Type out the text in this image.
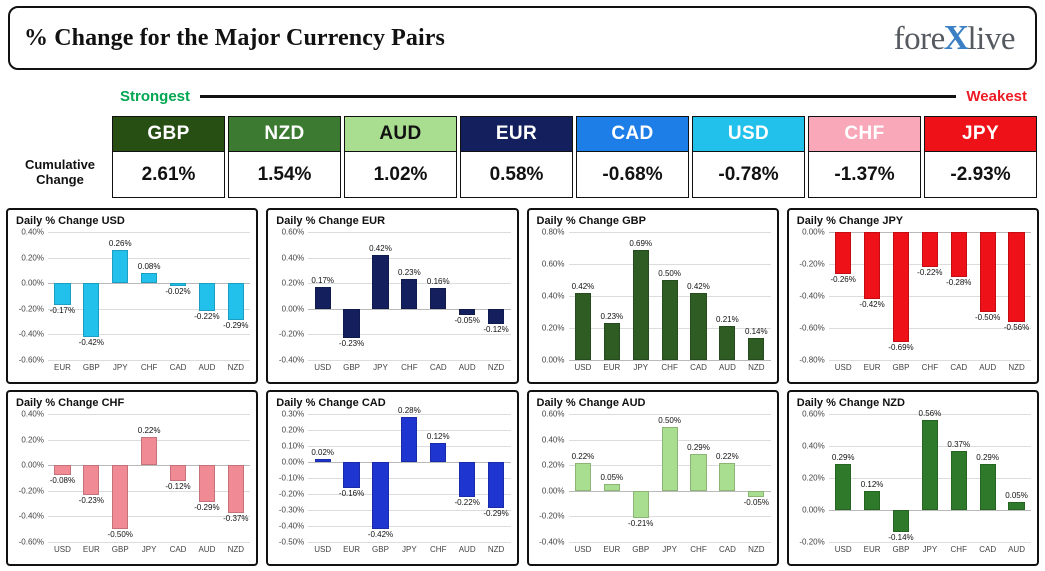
% Change for the Major Currency Pairs	fore X live
Strongest	Weakest
Cumulative Change
GBP
2.61%
NZD
1.54%
AUD
1.02%
EUR
0.58%
CAD
-0.68%
USD
-0.78%
CHF
-1.37%
JPY
-2.93%
Daily % Change USD
0.40%
0.20%
0.00%
-0.20%
-0.40%
-0.60%
-0.17%
-0.42%
0.26%
0.08%
-0.02%
-0.22%
-0.29%
EUR	GBP	JPY	CHF	CAD	AUD	NZD
Daily % Change EUR
0.60%
0.40%
0.20%
0.00%
-0.20%
-0.40%
0.17%
-0.23%
0.42%
0.23%
0.16%
-0.05%
-0.12%
USD	GBP	JPY	CHF	CAD	AUD	NZD
Daily % Change GBP
0.80%
0.60%
0.40%
0.20%
0.00%
0.42%
0.23%
0.69%
0.50%
0.42%
0.21%
0.14%
USD	EUR	JPY	CHF	CAD	AUD	NZD
Daily % Change JPY
0.00%
-0.20%
-0.40%
-0.60%
-0.80%
-0.26%
-0.42%
-0.69%
-0.22%
-0.28%
-0.50%
-0.56%
USD	EUR	GBP	CHF	CAD	AUD	NZD
Daily % Change CHF
0.40%
0.20%
0.00%
-0.20%
-0.40%
-0.60%
-0.08%
-0.23%
-0.50%
0.22%
-0.12%
-0.29%
-0.37%
USD	EUR	GBP	JPY	CAD	AUD	NZD
Daily % Change CAD
0.30%
0.20%
0.10%
0.00%
-0.10%
-0.20%
-0.30%
-0.40%
-0.50%
0.02%
-0.16%
-0.42%
0.28%
0.12%
-0.22%
-0.29%
USD	EUR	GBP	JPY	CHF	AUD	NZD
Daily % Change AUD
0.60%
0.40%
0.20%
0.00%
-0.20%
-0.40%
0.22%
0.05%
-0.21%
0.50%
0.29%
0.22%
-0.05%
USD	EUR	GBP	JPY	CHF	CAD	NZD
Daily % Change NZD
0.60%
0.40%
0.20%
0.00%
-0.20%
0.29%
0.12%
-0.14%
0.56%
0.37%
0.29%
0.05%
USD	EUR	GBP	JPY	CHF	CAD	AUD
